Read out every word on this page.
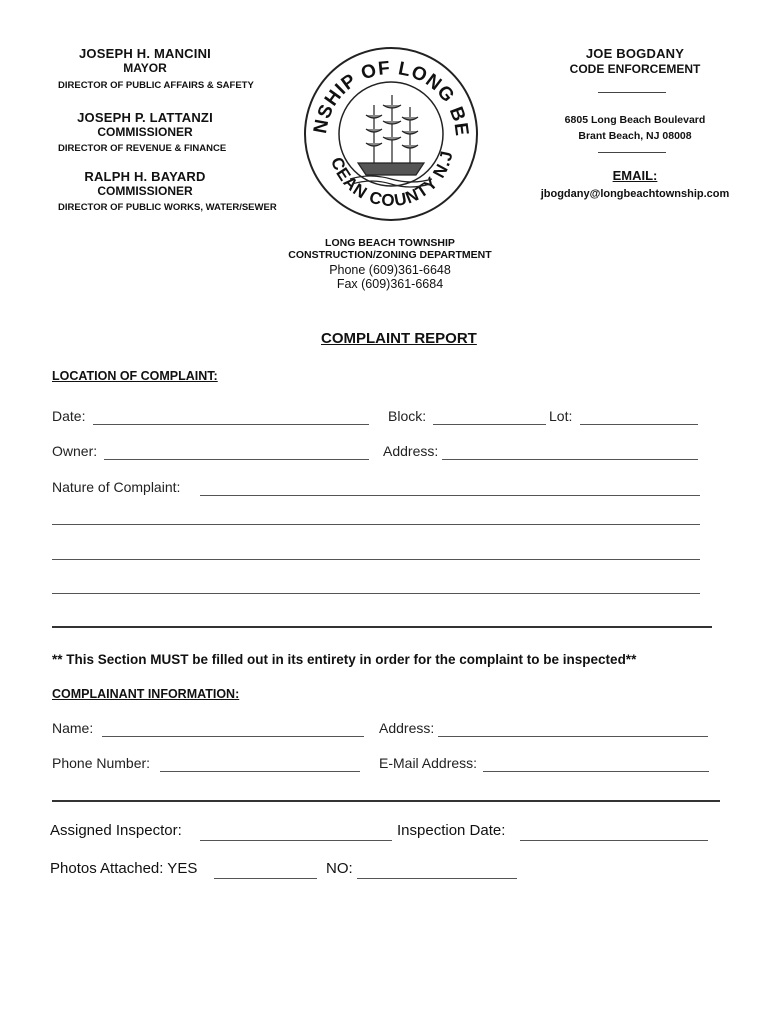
JOSEPH H. MANCINI
MAYOR
DIRECTOR OF PUBLIC AFFAIRS & SAFETY
JOSEPH P. LATTANZI
COMMISSIONER
DIRECTOR OF REVENUE & FINANCE
RALPH H. BAYARD
COMMISSIONER
DIRECTOR OF PUBLIC WORKS, WATER/SEWER
JOE BOGDANY
CODE ENFORCEMENT
6805 Long Beach Boulevard
Brant Beach, NJ 08008
EMAIL:
jbogdany@longbeachtownship.com
NSHIP OF LONG BE
CEAN COUNTY N.J
LONG BEACH TOWNSHIP
CONSTRUCTION/ZONING DEPARTMENT
Phone (609)361-6648
Fax (609)361-6684
COMPLAINT REPORT
LOCATION OF COMPLAINT:
Date:	Block:	Lot:
Owner:	Address:
Nature of Complaint:
** This Section MUST be filled out in its entirety in order for the complaint to be inspected**
COMPLAINANT INFORMATION:
Name:	Address:
Phone Number:	E-Mail Address:
Assigned Inspector:	Inspection Date:
Photos Attached: YES	NO:
